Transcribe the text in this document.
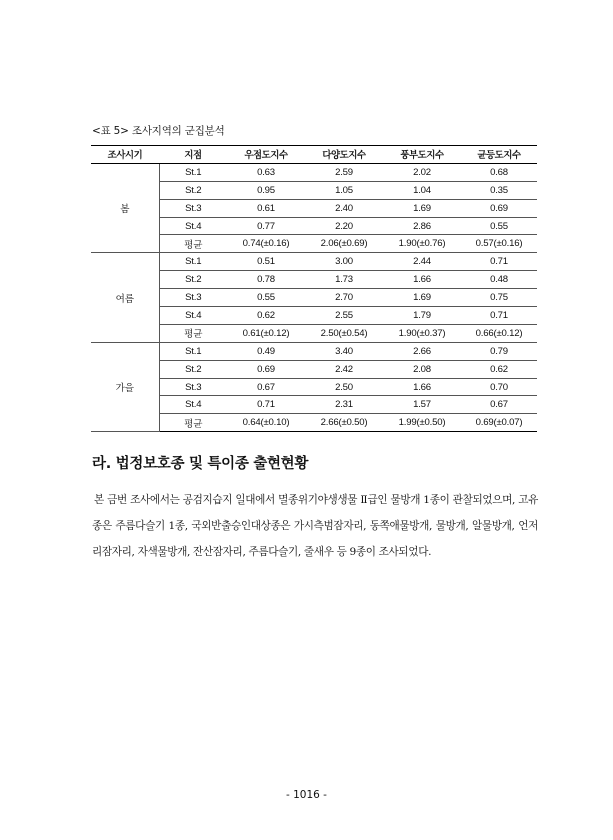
<표 5> 조사지역의 군집분석
조사시기	지점	우점도지수	다양도지수	풍부도지수	균등도지수
봄	St.1	0.63	2.59	2.02	0.68
	St.2	0.95	1.05	1.04	0.35
	St.3	0.61	2.40	1.69	0.69
	St.4	0.77	2.20	2.86	0.55
	평균	0.74(±0.16)	2.06(±0.69)	1.90(±0.76)	0.57(±0.16)
여름	St.1	0.51	3.00	2.44	0.71
	St.2	0.78	1.73	1.66	0.48
	St.3	0.55	2.70	1.69	0.75
	St.4	0.62	2.55	1.79	0.71
	평균	0.61(±0.12)	2.50(±0.54)	1.90(±0.37)	0.66(±0.12)
가을	St.1	0.49	3.40	2.66	0.79
	St.2	0.69	2.42	2.08	0.62
	St.3	0.67	2.50	1.66	0.70
	St.4	0.71	2.31	1.57	0.67
	평균	0.64(±0.10)	2.66(±0.50)	1.99(±0.50)	0.69(±0.07)
라. 법정보호종 및 특이종 출현현황
본 금번 조사에서는 공검지습지 일대에서 멸종위기야생생물 Ⅱ급인 물방개 1종이 관찰되었으며, 고유종은 주름다슬기 1종, 국외반출승인대상종은 가시측범잠자리, 동쪽애물방개, 물방개, 알물방개, 언저리잠자리, 자색물방개, 잔산잠자리, 주름다슬기, 줄새우 등 9종이 조사되었다.
- 1016 -
